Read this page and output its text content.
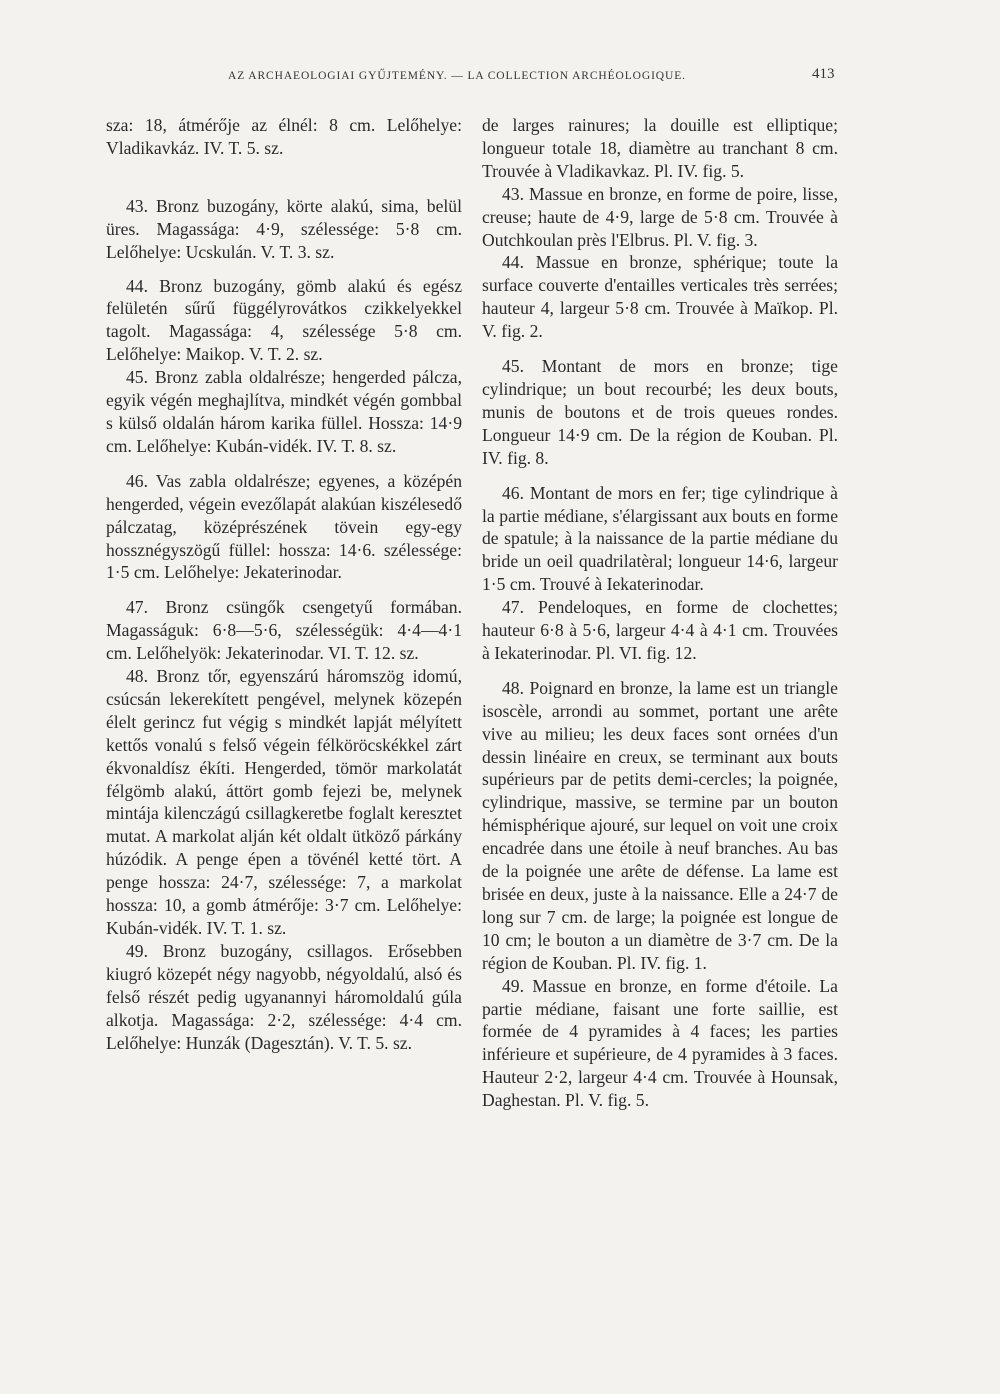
AZ ARCHAEOLOGIAI GYŰJTEMÉNY. — LA COLLECTION ARCHÉOLOGIQUE.	413

sza: 18, átmérője az élnél: 8 cm. Lelőhelye: Vladikavkáz. IV. T. 5. sz.

43. Bronz buzogány, körte alakú, sima, belül üres. Magassága: 4·9, szélessége: 5·8 cm. Lelőhelye: Ucskulán. V. T. 3. sz.

44. Bronz buzogány, gömb alakú és egész felületén sűrű függélyrovátkos czikkelyekkel tagolt. Magassága: 4, szélessége 5·8 cm. Lelőhelye: Maikop. V. T. 2. sz.

45. Bronz zabla oldalrésze; hengerded pálcza, egyik végén meghajlítva, mindkét végén gombbal s külső oldalán három karika füllel. Hossza: 14·9 cm. Lelőhelye: Kubán-vidék. IV. T. 8. sz.

46. Vas zabla oldalrésze; egyenes, a középén hengerded, végein evezőlapát alakúan kiszélesedő pálczatag, középrészének tövein egy-egy hossznégyszögű füllel: hossza: 14·6. szélessége: 1·5 cm. Lelőhelye: Jekaterinodar.

47. Bronz csüngők csengetyű formában. Magasságuk: 6·8—5·6, szélességük: 4·4—4·1 cm. Lelőhelyök: Jekaterinodar. VI. T. 12. sz.

48. Bronz tőr, egyenszárú háromszög idomú, csúcsán lekerekített pengével, melynek közepén élelt gerincz fut végig s mindkét lapját mélyített kettős vonalú s felső végein félköröcskékkel zárt ékvonaldísz ékíti. Hengerded, tömör markolatát félgömb alakú, áttört gomb fejezi be, melynek mintája kilenczágú csillagkeretbe foglalt keresztet mutat. A markolat alján két oldalt ütköző párkány húzódik. A penge épen a tövénél ketté tört. A penge hossza: 24·7, szélessége: 7, a markolat hossza: 10, a gomb átmérője: 3·7 cm. Lelőhelye: Kubán-vidék. IV. T. 1. sz.

49. Bronz buzogány, csillagos. Erősebben kiugró közepét négy nagyobb, négyoldalú, alsó és felső részét pedig ugyanannyi háromoldalú gúla alkotja. Magassága: 2·2, szélessége: 4·4 cm. Lelőhelye: Hunzák (Dagesztán). V. T. 5. sz.

de larges rainures; la douille est elliptique; longueur totale 18, diamètre au tranchant 8 cm. Trouvée à Vladikavkaz. Pl. IV. fig. 5.

43. Massue en bronze, en forme de poire, lisse, creuse; haute de 4·9, large de 5·8 cm. Trouvée à Outchkoulan près l'Elbrus. Pl. V. fig. 3.

44. Massue en bronze, sphérique; toute la surface couverte d'entailles verticales très serrées; hauteur 4, largeur 5·8 cm. Trouvée à Maïkop. Pl. V. fig. 2.

45. Montant de mors en bronze; tige cylindrique; un bout recourbé; les deux bouts, munis de boutons et de trois queues rondes. Longueur 14·9 cm. De la région de Kouban. Pl. IV. fig. 8.

46. Montant de mors en fer; tige cylindrique à la partie médiane, s'élargissant aux bouts en forme de spatule; à la naissance de la partie médiane du bride un oeil quadrilatèral; longueur 14·6, largeur 1·5 cm. Trouvé à Iekaterinodar.

47. Pendeloques, en forme de clochettes; hauteur 6·8 à 5·6, largeur 4·4 à 4·1 cm. Trouvées à Iekaterinodar. Pl. VI. fig. 12.

48. Poignard en bronze, la lame est un triangle isoscèle, arrondi au sommet, portant une arête vive au milieu; les deux faces sont ornées d'un dessin linéaire en creux, se terminant aux bouts supérieurs par de petits demi-cercles; la poignée, cylindrique, massive, se termine par un bouton hémisphérique ajouré, sur lequel on voit une croix encadrée dans une étoile à neuf branches. Au bas de la poignée une arête de défense. La lame est brisée en deux, juste à la naissance. Elle a 24·7 de long sur 7 cm. de large; la poignée est longue de 10 cm; le bouton a un diamètre de 3·7 cm. De la région de Kouban. Pl. IV. fig. 1.

49. Massue en bronze, en forme d'étoile. La partie médiane, faisant une forte saillie, est formée de 4 pyramides à 4 faces; les parties inférieure et supérieure, de 4 pyramides à 3 faces. Hauteur 2·2, largeur 4·4 cm. Trouvée à Hounsak, Daghestan. Pl. V. fig. 5.
